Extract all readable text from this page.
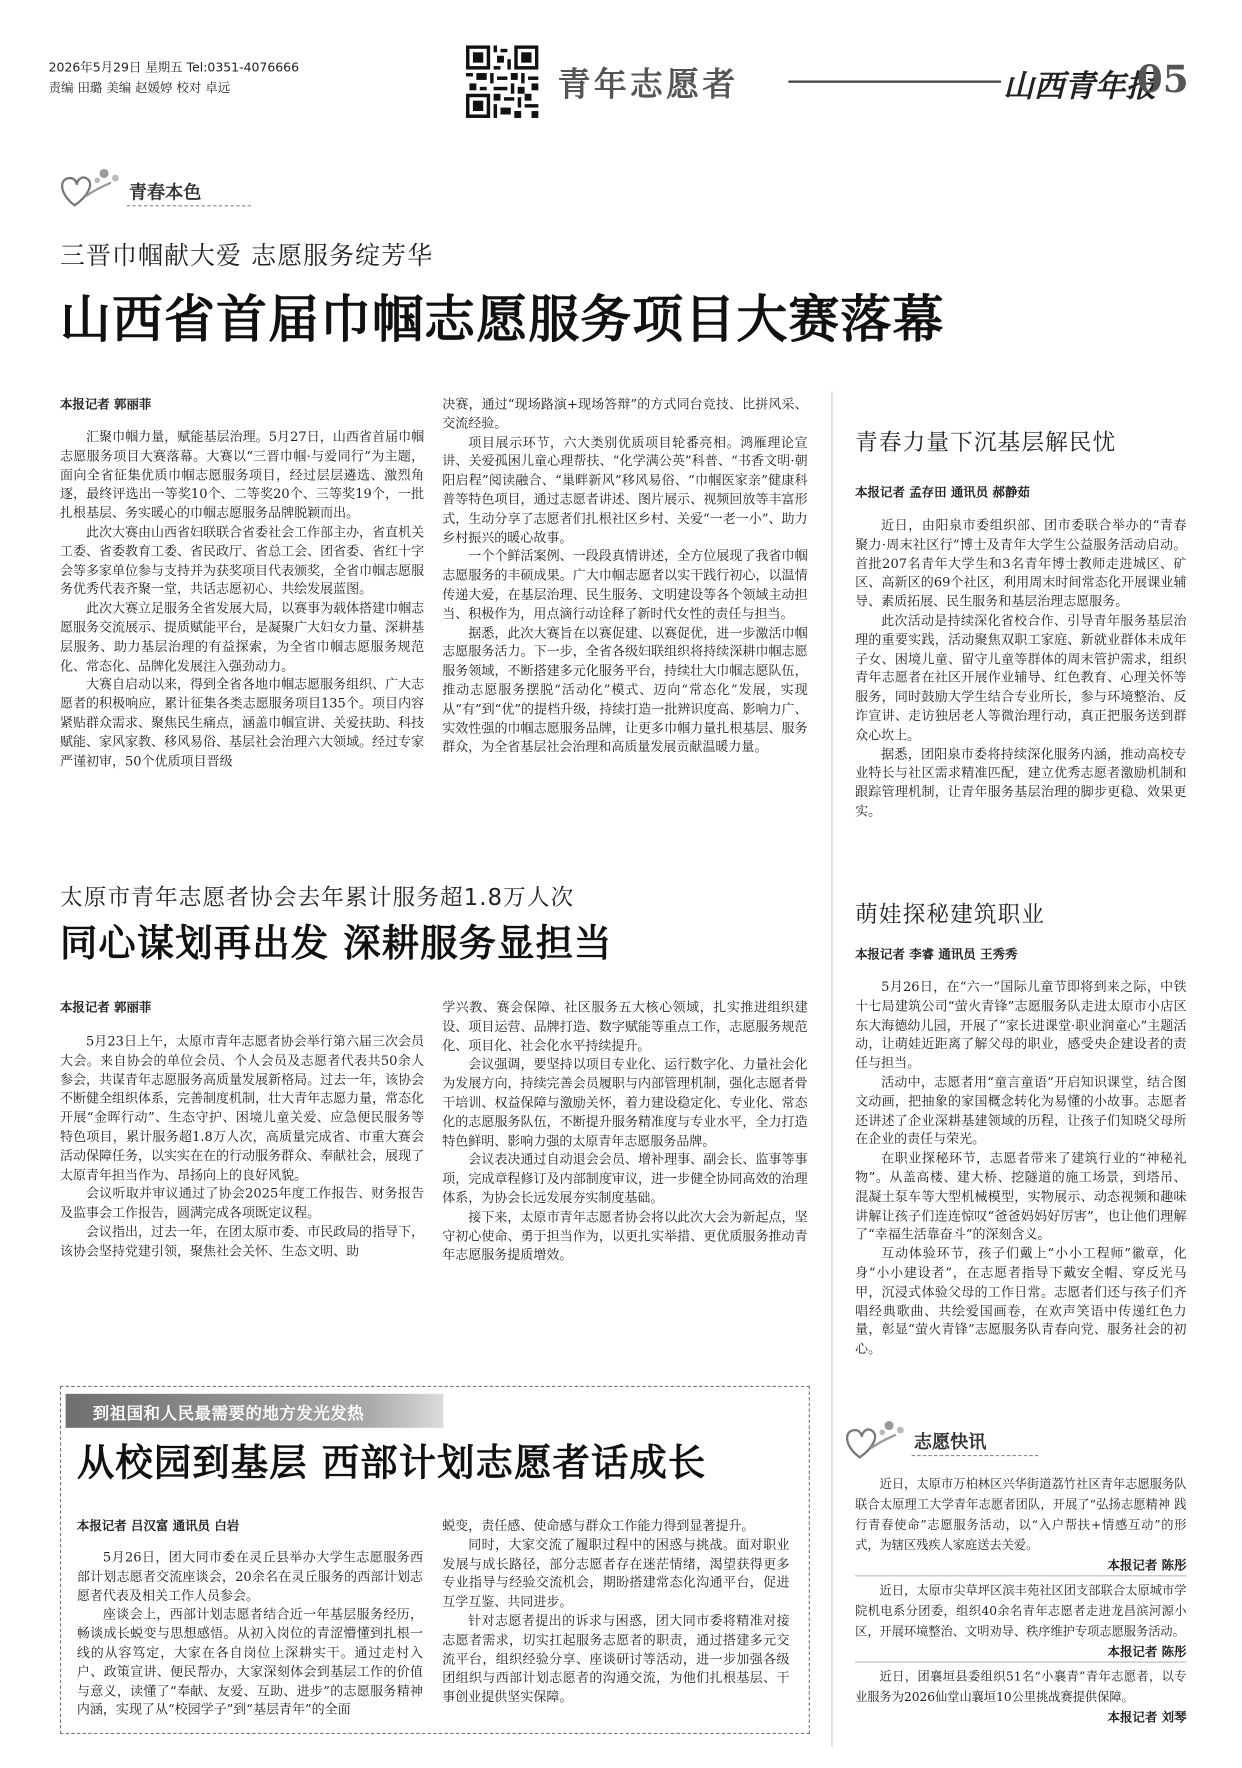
2026年5月29日 星期五 Tel:0351-4076666
责编 田璐 美编 赵媛婷 校对 卓远	青年志愿者	山西青年报
05
青春本色
三晋巾帼献大爱 志愿服务绽芳华
山西省首届巾帼志愿服务项目大赛落幕
本报记者 郭丽菲

汇聚巾帼力量，赋能基层治理。5月27日，山西省首届巾帼志愿服务项目大赛落幕。大赛以“三晋巾帼·与爱同行”为主题，面向全省征集优质巾帼志愿服务项目，经过层层遴选、激烈角逐，最终评选出一等奖10个、二等奖20个、三等奖19个，一批扎根基层、务实暖心的巾帼志愿服务品牌脱颖而出。

此次大赛由山西省妇联联合省委社会工作部主办，省直机关工委、省委教育工委、省民政厅、省总工会、团省委、省红十字会等多家单位参与支持并为获奖项目代表颁奖，全省巾帼志愿服务优秀代表齐聚一堂，共话志愿初心、共绘发展蓝图。

此次大赛立足服务全省发展大局，以赛事为载体搭建巾帼志愿服务交流展示、提质赋能平台，是凝聚广大妇女力量、深耕基层服务、助力基层治理的有益探索，为全省巾帼志愿服务规范化、常态化、品牌化发展注入强劲动力。

大赛自启动以来，得到全省各地巾帼志愿服务组织、广大志愿者的积极响应，累计征集各类志愿服务项目135个。项目内容紧贴群众需求、聚焦民生痛点，涵盖巾帼宣讲、关爱扶助、科技赋能、家风家教、移风易俗、基层社会治理六大领域。经过专家严谨初审，50个优质项目晋级

决赛，通过“现场路演+现场答辩”的方式同台竞技、比拼风采、交流经验。

项目展示环节，六大类别优质项目轮番亮相。鸿雁理论宣讲、关爱孤困儿童心理帮扶、“化学满公英”科普、“书香文明·朝阳启程”阅读融合、“巢畔新风”移风易俗、“巾帼医家亲”健康科普等特色项目，通过志愿者讲述、图片展示、视频回放等丰富形式，生动分享了志愿者们扎根社区乡村、关爱“一老一小”、助力乡村振兴的暖心故事。

一个个鲜活案例、一段段真情讲述，全方位展现了我省巾帼志愿服务的丰硕成果。广大巾帼志愿者以实干践行初心，以温情传递大爱，在基层治理、民生服务、文明建设等各个领域主动担当、积极作为，用点滴行动诠释了新时代女性的责任与担当。

据悉，此次大赛旨在以赛促建、以赛促优，进一步激活巾帼志愿服务活力。下一步，全省各级妇联组织将持续深耕巾帼志愿服务领域，不断搭建多元化服务平台，持续壮大巾帼志愿队伍，推动志愿服务摆脱“活动化”模式、迈向“常态化”发展，实现从“有”到“优”的提档升级，持续打造一批辨识度高、影响力广、实效性强的巾帼志愿服务品牌，让更多巾帼力量扎根基层、服务群众，为全省基层社会治理和高质量发展贡献温暖力量。

青春力量下沉基层解民忧
本报记者 孟存田 通讯员 郝静茹

近日，由阳泉市委组织部、团市委联合举办的“青春聚力·周末社区行”博士及青年大学生公益服务活动启动。首批207名青年大学生和3名青年博士教师走进城区、矿区、高新区的69个社区，利用周末时间常态化开展课业辅导、素质拓展、民生服务和基层治理志愿服务。

此次活动是持续深化省校合作、引导青年服务基层治理的重要实践，活动聚焦双职工家庭、新就业群体未成年子女、困境儿童、留守儿童等群体的周末管护需求，组织青年志愿者在社区开展作业辅导、红色教育、心理关怀等服务，同时鼓励大学生结合专业所长，参与环境整治、反诈宣讲、走访独居老人等微治理行动，真正把服务送到群众心坎上。

据悉，团阳泉市委将持续深化服务内涵，推动高校专业特长与社区需求精准匹配，建立优秀志愿者激励机制和跟踪管理机制，让青年服务基层治理的脚步更稳、效果更实。

太原市青年志愿者协会去年累计服务超1.8万人次
同心谋划再出发 深耕服务显担当
本报记者 郭丽菲

5月23日上午，太原市青年志愿者协会举行第六届三次会员大会。来自协会的单位会员、个人会员及志愿者代表共50余人参会，共谋青年志愿服务高质量发展新格局。过去一年，该协会不断健全组织体系，完善制度机制，壮大青年志愿力量，常态化开展“金晖行动”、生态守护、困境儿童关爱、应急便民服务等特色项目，累计服务超1.8万人次，高质量完成省、市重大赛会活动保障任务，以实实在在的行动服务群众、奉献社会，展现了太原青年担当作为、昂扬向上的良好风貌。

会议听取并审议通过了协会2025年度工作报告、财务报告及监事会工作报告，圆满完成各项既定议程。

会议指出，过去一年，在团太原市委、市民政局的指导下，该协会坚持党建引领，聚焦社会关怀、生态文明、助

学兴教、赛会保障、社区服务五大核心领域，扎实推进组织建设、项目运营、品牌打造、数字赋能等重点工作，志愿服务规范化、项目化、社会化水平持续提升。

会议强调，要坚持以项目专业化、运行数字化、力量社会化为发展方向，持续完善会员履职与内部管理机制，强化志愿者骨干培训、权益保障与激励关怀，着力建设稳定化、专业化、常态化的志愿服务队伍，不断提升服务精准度与专业水平，全力打造特色鲜明、影响力强的太原青年志愿服务品牌。

会议表决通过自动退会会员、增补理事、副会长、监事等事项，完成章程修订及内部制度审议，进一步健全协同高效的治理体系，为协会长远发展夯实制度基础。

接下来，太原市青年志愿者协会将以此次大会为新起点，坚守初心使命、勇于担当作为，以更扎实举措、更优质服务推动青年志愿服务提质增效。

萌娃探秘建筑职业
本报记者 李睿 通讯员 王秀秀

5月26日，在“六一”国际儿童节即将到来之际，中铁十七局建筑公司“萤火青锋”志愿服务队走进太原市小店区东大海德幼儿园，开展了“家长进课堂·职业润童心”主题活动，让萌娃近距离了解父母的职业，感受央企建设者的责任与担当。

活动中，志愿者用“童言童语”开启知识课堂，结合图文动画，把抽象的家国概念转化为易懂的小故事。志愿者还讲述了企业深耕基建领域的历程，让孩子们知晓父母所在企业的责任与荣光。

在职业探秘环节，志愿者带来了建筑行业的“神秘礼物”。从盖高楼、建大桥、挖隧道的施工场景，到塔吊、混凝土泵车等大型机械模型，实物展示、动态视频和趣味讲解让孩子们连连惊叹“爸爸妈妈好厉害”，也让他们理解了“幸福生活靠奋斗”的深刻含义。

互动体验环节，孩子们戴上“小小工程师”徽章，化身“小小建设者”，在志愿者指导下戴安全帽、穿反光马甲，沉浸式体验父母的工作日常。志愿者们还与孩子们齐唱经典歌曲、共绘爱国画卷，在欢声笑语中传递红色力量，彰显“萤火青锋”志愿服务队青春向党、服务社会的初心。

到祖国和人民最需要的地方发光发热
从校园到基层 西部计划志愿者话成长
本报记者 吕汉富 通讯员 白岩

5月26日，团大同市委在灵丘县举办大学生志愿服务西部计划志愿者交流座谈会，20余名在灵丘服务的西部计划志愿者代表及相关工作人员参会。

座谈会上，西部计划志愿者结合近一年基层服务经历，畅谈成长蜕变与思想感悟。从初入岗位的青涩懵懂到扎根一线的从容笃定，大家在各自岗位上深耕实干。通过走村入户、政策宣讲、便民帮办，大家深刻体会到基层工作的价值与意义，读懂了“奉献、友爱、互助、进步”的志愿服务精神内涵，实现了从“校园学子”到“基层青年”的全面

蜕变，责任感、使命感与群众工作能力得到显著提升。

同时，大家交流了履职过程中的困惑与挑战。面对职业发展与成长路径，部分志愿者存在迷茫情绪，渴望获得更多专业指导与经验交流机会，期盼搭建常态化沟通平台，促进互学互鉴、共同进步。

针对志愿者提出的诉求与困惑，团大同市委将精准对接志愿者需求，切实扛起服务志愿者的职责，通过搭建多元交流平台，组织经验分享、座谈研讨等活动，进一步加强各级团组织与西部计划志愿者的沟通交流，为他们扎根基层、干事创业提供坚实保障。

志愿快讯

近日，太原市万柏林区兴华街道荔竹社区青年志愿服务队联合太原理工大学青年志愿者团队，开展了“弘扬志愿精神 践行青春使命”志愿服务活动，以“入户帮扶+情感互动”的形式，为辖区残疾人家庭送去关爱。

本报记者 陈彤

近日，太原市尖草坪区滨丰苑社区团支部联合太原城市学院机电系分团委，组织40余名青年志愿者走进龙昌滨河源小区，开展环境整治、文明劝导、秩序维护专项志愿服务活动。

本报记者 陈彤

近日，团襄垣县委组织51名“小襄青”青年志愿者，以专业服务为2026仙堂山襄垣10公里挑战赛提供保障。

本报记者 刘琴
